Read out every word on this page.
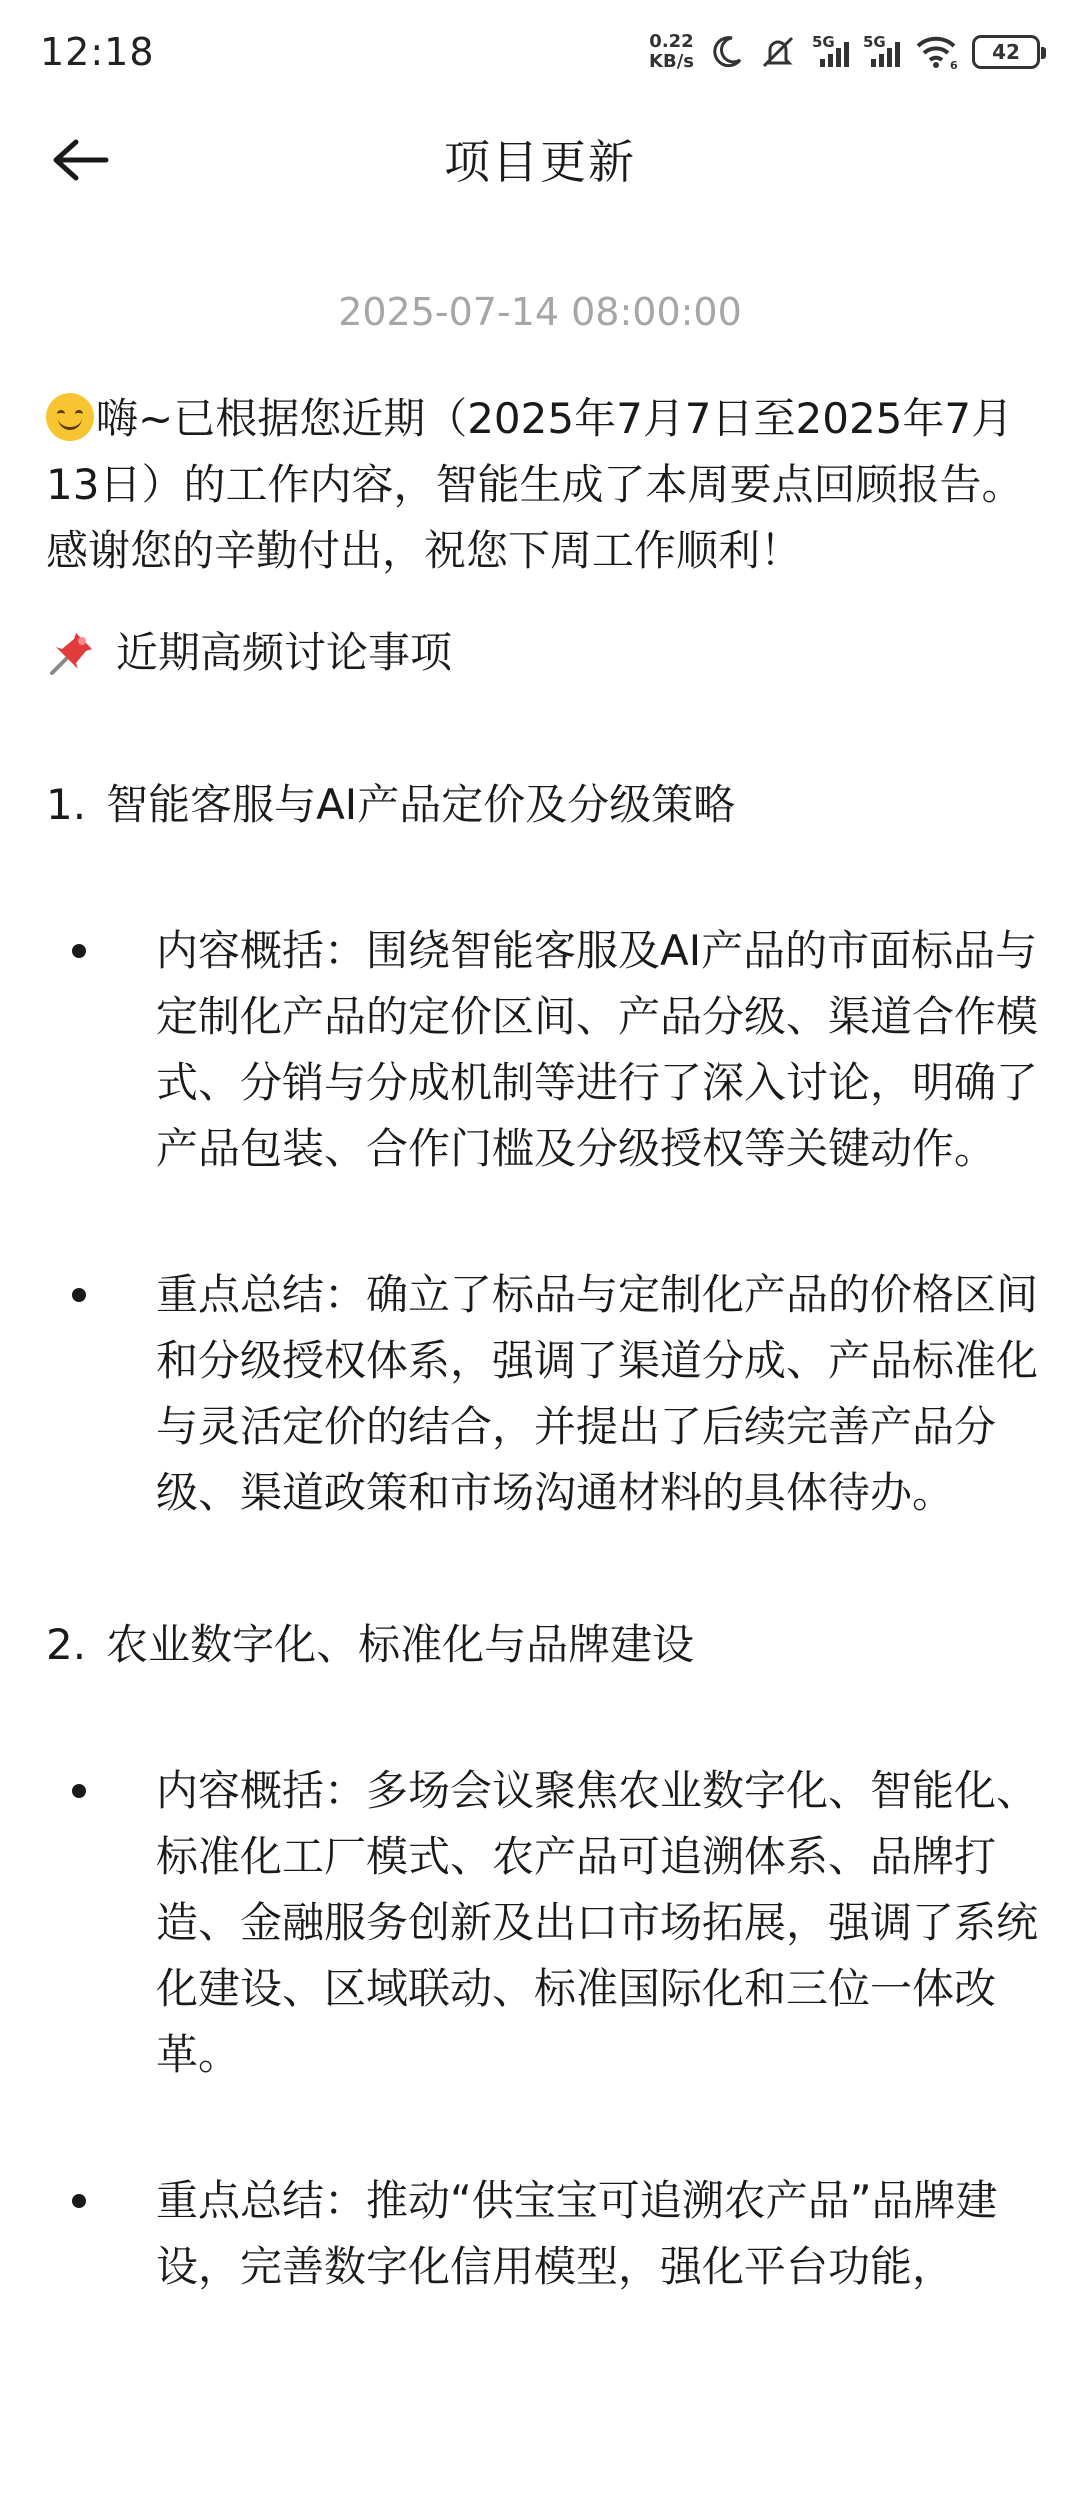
12:18	0.22
KB/s
5G 5G
6
42
项目更新
2025-07-14 08:00:00
嗨~已根据您近期（2025年7月7日至2025年7月13日）的工作内容，智能生成了本周要点回顾报告。感谢您的辛勤付出，祝您下周工作顺利！
近期高频讨论事项
1. 智能客服与AI产品定价及分级策略
内容概括：围绕智能客服及AI产品的市面标品与定制化产品的定价区间、产品分级、渠道合作模式、分销与分成机制等进行了深入讨论，明确了产品包装、合作门槛及分级授权等关键动作。
重点总结：确立了标品与定制化产品的价格区间和分级授权体系，强调了渠道分成、产品标准化与灵活定价的结合，并提出了后续完善产品分级、渠道政策和市场沟通材料的具体待办。
2. 农业数字化、标准化与品牌建设
内容概括：多场会议聚焦农业数字化、智能化、标准化工厂模式、农产品可追溯体系、品牌打造、金融服务创新及出口市场拓展，强调了系统化建设、区域联动、标准国际化和三位一体改革。
重点总结：推动“供宝宝可追溯农产品”品牌建设，完善数字化信用模型，强化平台功能，
